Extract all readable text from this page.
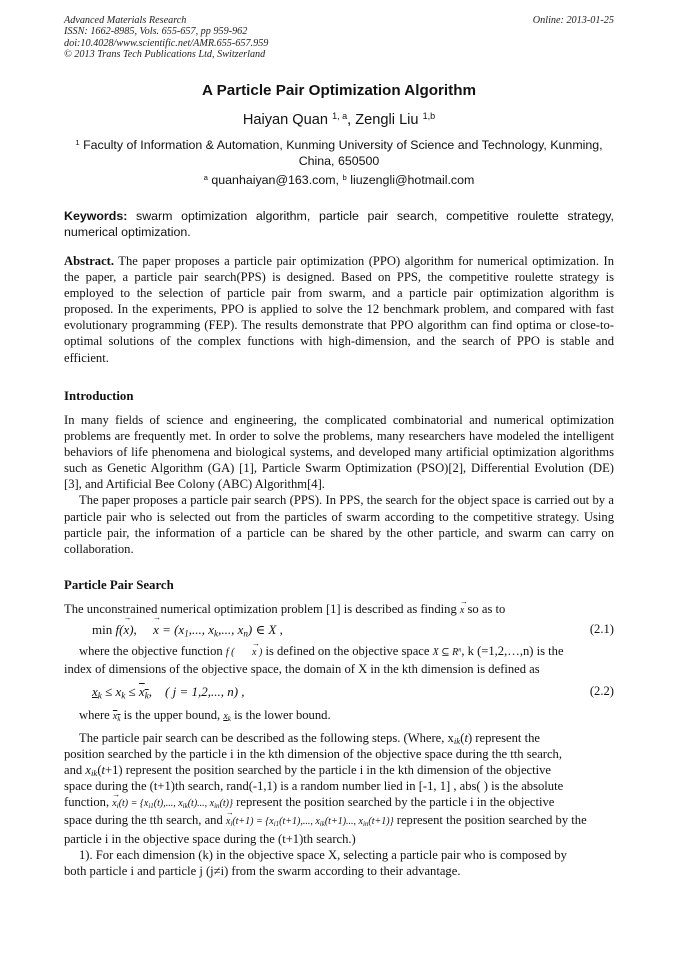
Advanced Materials Research
ISSN: 1662-8985, Vols. 655-657, pp 959-962
doi:10.4028/www.scientific.net/AMR.655-657.959
© 2013 Trans Tech Publications Ltd, Switzerland
Online: 2013-01-25
A Particle Pair Optimization Algorithm
Haiyan Quan $^{1, a}$, Zengli Liu $^{1,b}$
$^1$ Faculty of Information & Automation, Kunming University of Science and Technology, Kunming, China, 650500
$^a$ quanhaiyan@163.com, $^b$ liuzengli@hotmail.com
Keywords: swarm optimization algorithm, particle pair search, competitive roulette strategy, numerical optimization.
Abstract. The paper proposes a particle pair optimization (PPO) algorithm for numerical optimization. In the paper, a particle pair search(PPS) is designed. Based on PPS, the competitive roulette strategy is employed to the selection of particle pair from swarm, and a particle pair optimization algorithm is proposed. In the experiments, PPO is applied to solve the 12 benchmark problem, and compared with fast evolutionary programming (FEP). The results demonstrate that PPO algorithm can find optima or close-to-optimal solutions of the complex functions with high-dimension, and the search of PPO is stable and efficient.
Introduction
In many fields of science and engineering, the complicated combinatorial and numerical optimization problems are frequently met. In order to solve the problems, many researchers have modeled the intelligent behaviors of life phenomena and biological systems, and developed many artificial optimization algorithms such as Genetic Algorithm (GA) [1], Particle Swarm Optimization (PSO)[2], Differential Evolution (DE) [3], and Artificial Bee Colony (ABC) Algorithm[4].
The paper proposes a particle pair search (PPS). In PPS, the search for the object space is carried out by a particle pair who is selected out from the particles of swarm according to the competitive strategy. Using particle pair, the information of a particle can be shared by the other particle, and swarm can carry on collaboration.
Particle Pair Search
The unconstrained numerical optimization problem [1] is described as finding → x so as to
min f(→ x),     → $x = (x_1$,..., $x_k$,..., $x_n$) ∈ X ,	(2.1)
where the objective function f ( → x ) is defined on the objective space X ⊆ $R^n$, k (=1,2,…,n) is the
index of dimensions of the objective space, the domain of X in the kth dimension is defined as
$x_k \le x_k \le x_k$,    ( j = 1,2,..., n) ,	(2.2)
where $x_k$ is the upper bound, $x_k$ is the lower bound.
The particle pair search can be described as the following steps. (Where, $x_{ik}(t)$ represent the
position searched by the particle i in the kth dimension of the objective space during the tth search,
and $x_{ik}(t+1)$ represent the position searched by the particle i in the kth dimension of the objective
space during the (t+1)th search, rand(-1,1) is a random number lied in [-1, 1] , abs( ) is the absolute
function, → $x_i(t) = \{x_{i1}(t)$,..., $x_{ik}(t)$..., $x_{in}(t)$} represent the position searched by the particle i in the objective
space during the tth search, and → $x_i(t+1) = \{x_{i1}(t+1)$,..., $x_{ik}(t+1)$..., $x_{in}(t+1)$} represent the position searched by the
particle i in the objective space during the (t+1)th search.)
1). For each dimension (k) in the objective space X, selecting a particle pair who is composed by
both particle i and particle j (j≠i) from the swarm according to their advantage.
